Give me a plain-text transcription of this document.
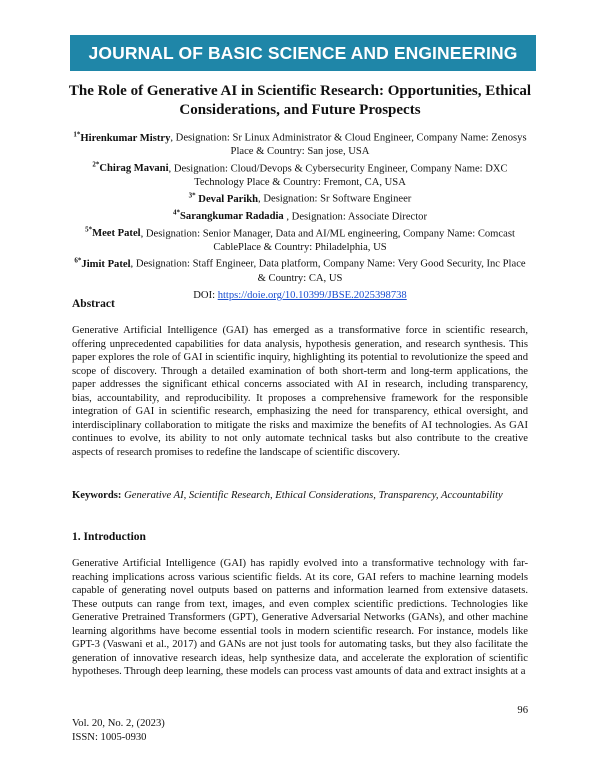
JOURNAL OF BASIC SCIENCE AND ENGINEERING
The Role of Generative AI in Scientific Research: Opportunities, Ethical Considerations, and Future Prospects

$^{1*}$Hirenkumar Mistry, Designation: Sr Linux Administrator & Cloud Engineer, Company Name: Zenosys Place & Country: San jose, USA

$^{2*}$Chirag Mavani, Designation: Cloud/Devops & Cybersecurity Engineer, Company Name: DXC Technology Place & Country: Fremont, CA, USA

$^{3*}$ Deval Parikh, Designation: Sr Software Engineer

$^{4*}$Sarangkumar Radadia , Designation: Associate Director

$^{5*}$Meet Patel, Designation: Senior Manager, Data and AI/ML engineering, Company Name: Comcast CablePlace & Country: Philadelphia, US

$^{6*}$Jimit Patel, Designation: Staff Engineer, Data platform, Company Name: Very Good Security, Inc Place & Country: CA, US

DOI: https://doie.org/10.10399/JBSE.2025398738

Abstract

Generative Artificial Intelligence (GAI) has emerged as a transformative force in scientific research, offering unprecedented capabilities for data analysis, hypothesis generation, and research synthesis. This paper explores the role of GAI in scientific inquiry, highlighting its potential to revolutionize the speed and scope of discovery. Through a detailed examination of both short-term and long-term applications, the paper addresses the significant ethical concerns associated with AI in research, including transparency, bias, accountability, and reproducibility. It proposes a comprehensive framework for the responsible integration of GAI in scientific research, emphasizing the need for transparency, ethical oversight, and interdisciplinary collaboration to mitigate the risks and maximize the benefits of AI technologies. As GAI continues to evolve, its ability to not only automate technical tasks but also contribute to the creative aspects of research promises to redefine the landscape of scientific discovery.

Keywords: Generative AI, Scientific Research, Ethical Considerations, Transparency, Accountability

1. Introduction

Generative Artificial Intelligence (GAI) has rapidly evolved into a transformative technology with far-reaching implications across various scientific fields. At its core, GAI refers to machine learning models capable of generating novel outputs based on patterns and information learned from extensive datasets. These outputs can range from text, images, and even complex scientific predictions. Technologies like Generative Pretrained Transformers (GPT), Generative Adversarial Networks (GANs), and other machine learning algorithms have become essential tools in modern scientific research. For instance, models like GPT-3 (Vaswani et al., 2017) and GANs are not just tools for automating tasks, but they also facilitate the generation of innovative research ideas, help synthesize data, and accelerate the exploration of scientific hypotheses. Through deep learning, these models can process vast amounts of data and extract insights at a

96
Vol. 20, No. 2, (2023)
ISSN: 1005-0930
